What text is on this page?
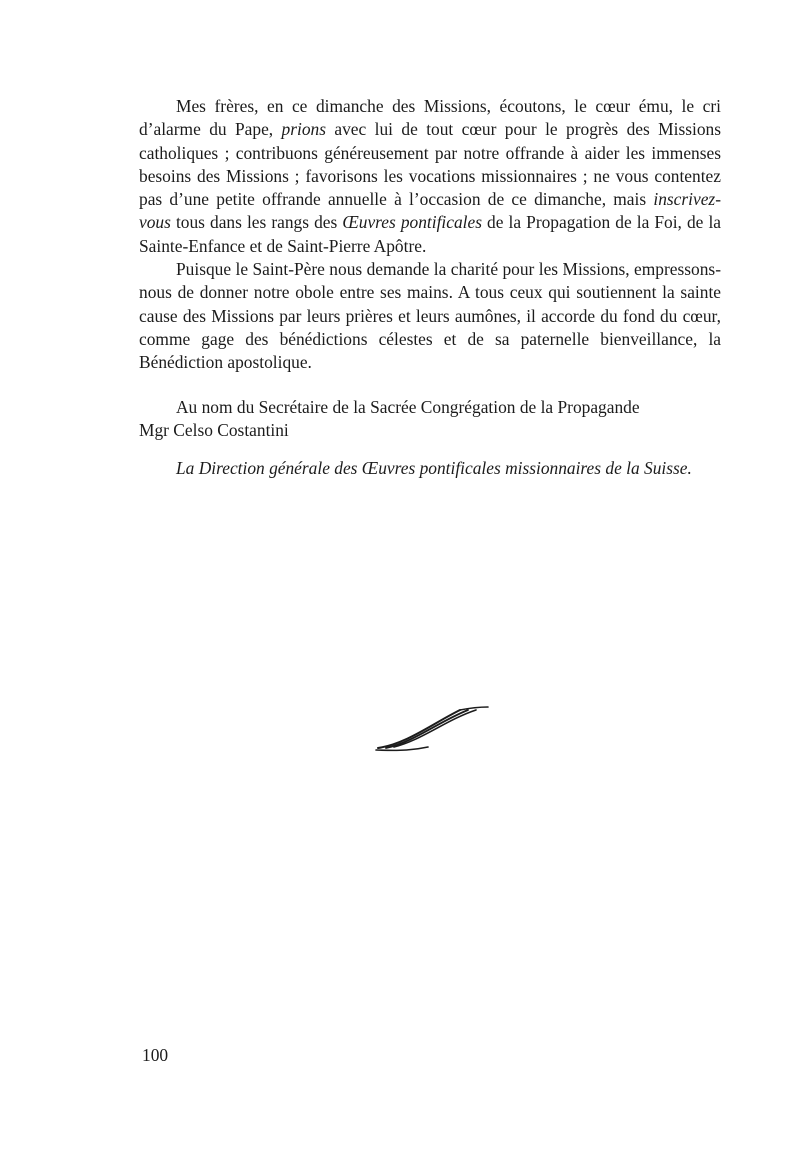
Mes frères, en ce dimanche des Missions, écoutons, le cœur ému, le cri d’alarme du Pape, prions avec lui de tout cœur pour le progrès des Missions catholiques ; contribuons généreusement par notre offrande à aider les immenses besoins des Missions ; favorisons les vocations missionnaires ; ne vous contentez pas d’une petite offrande annuelle à l’occasion de ce dimanche, mais inscrivez-vous tous dans les rangs des Œuvres pontificales de la Propagation de la Foi, de la Sainte-Enfance et de Saint-Pierre Apôtre.

Puisque le Saint-Père nous demande la charité pour les Missions, empressons-nous de donner notre obole entre ses mains. A tous ceux qui soutiennent la sainte cause des Missions par leurs prières et leurs aumônes, il accorde du fond du cœur, comme gage des bénédictions célestes et de sa paternelle bienveillance, la Bénédiction apostolique.

Au nom du Secrétaire de la Sacrée Congrégation de la Propagande

Mgr Celso Costantini

La Direction générale des Œuvres pontificales missionnaires de la Suisse.

100
